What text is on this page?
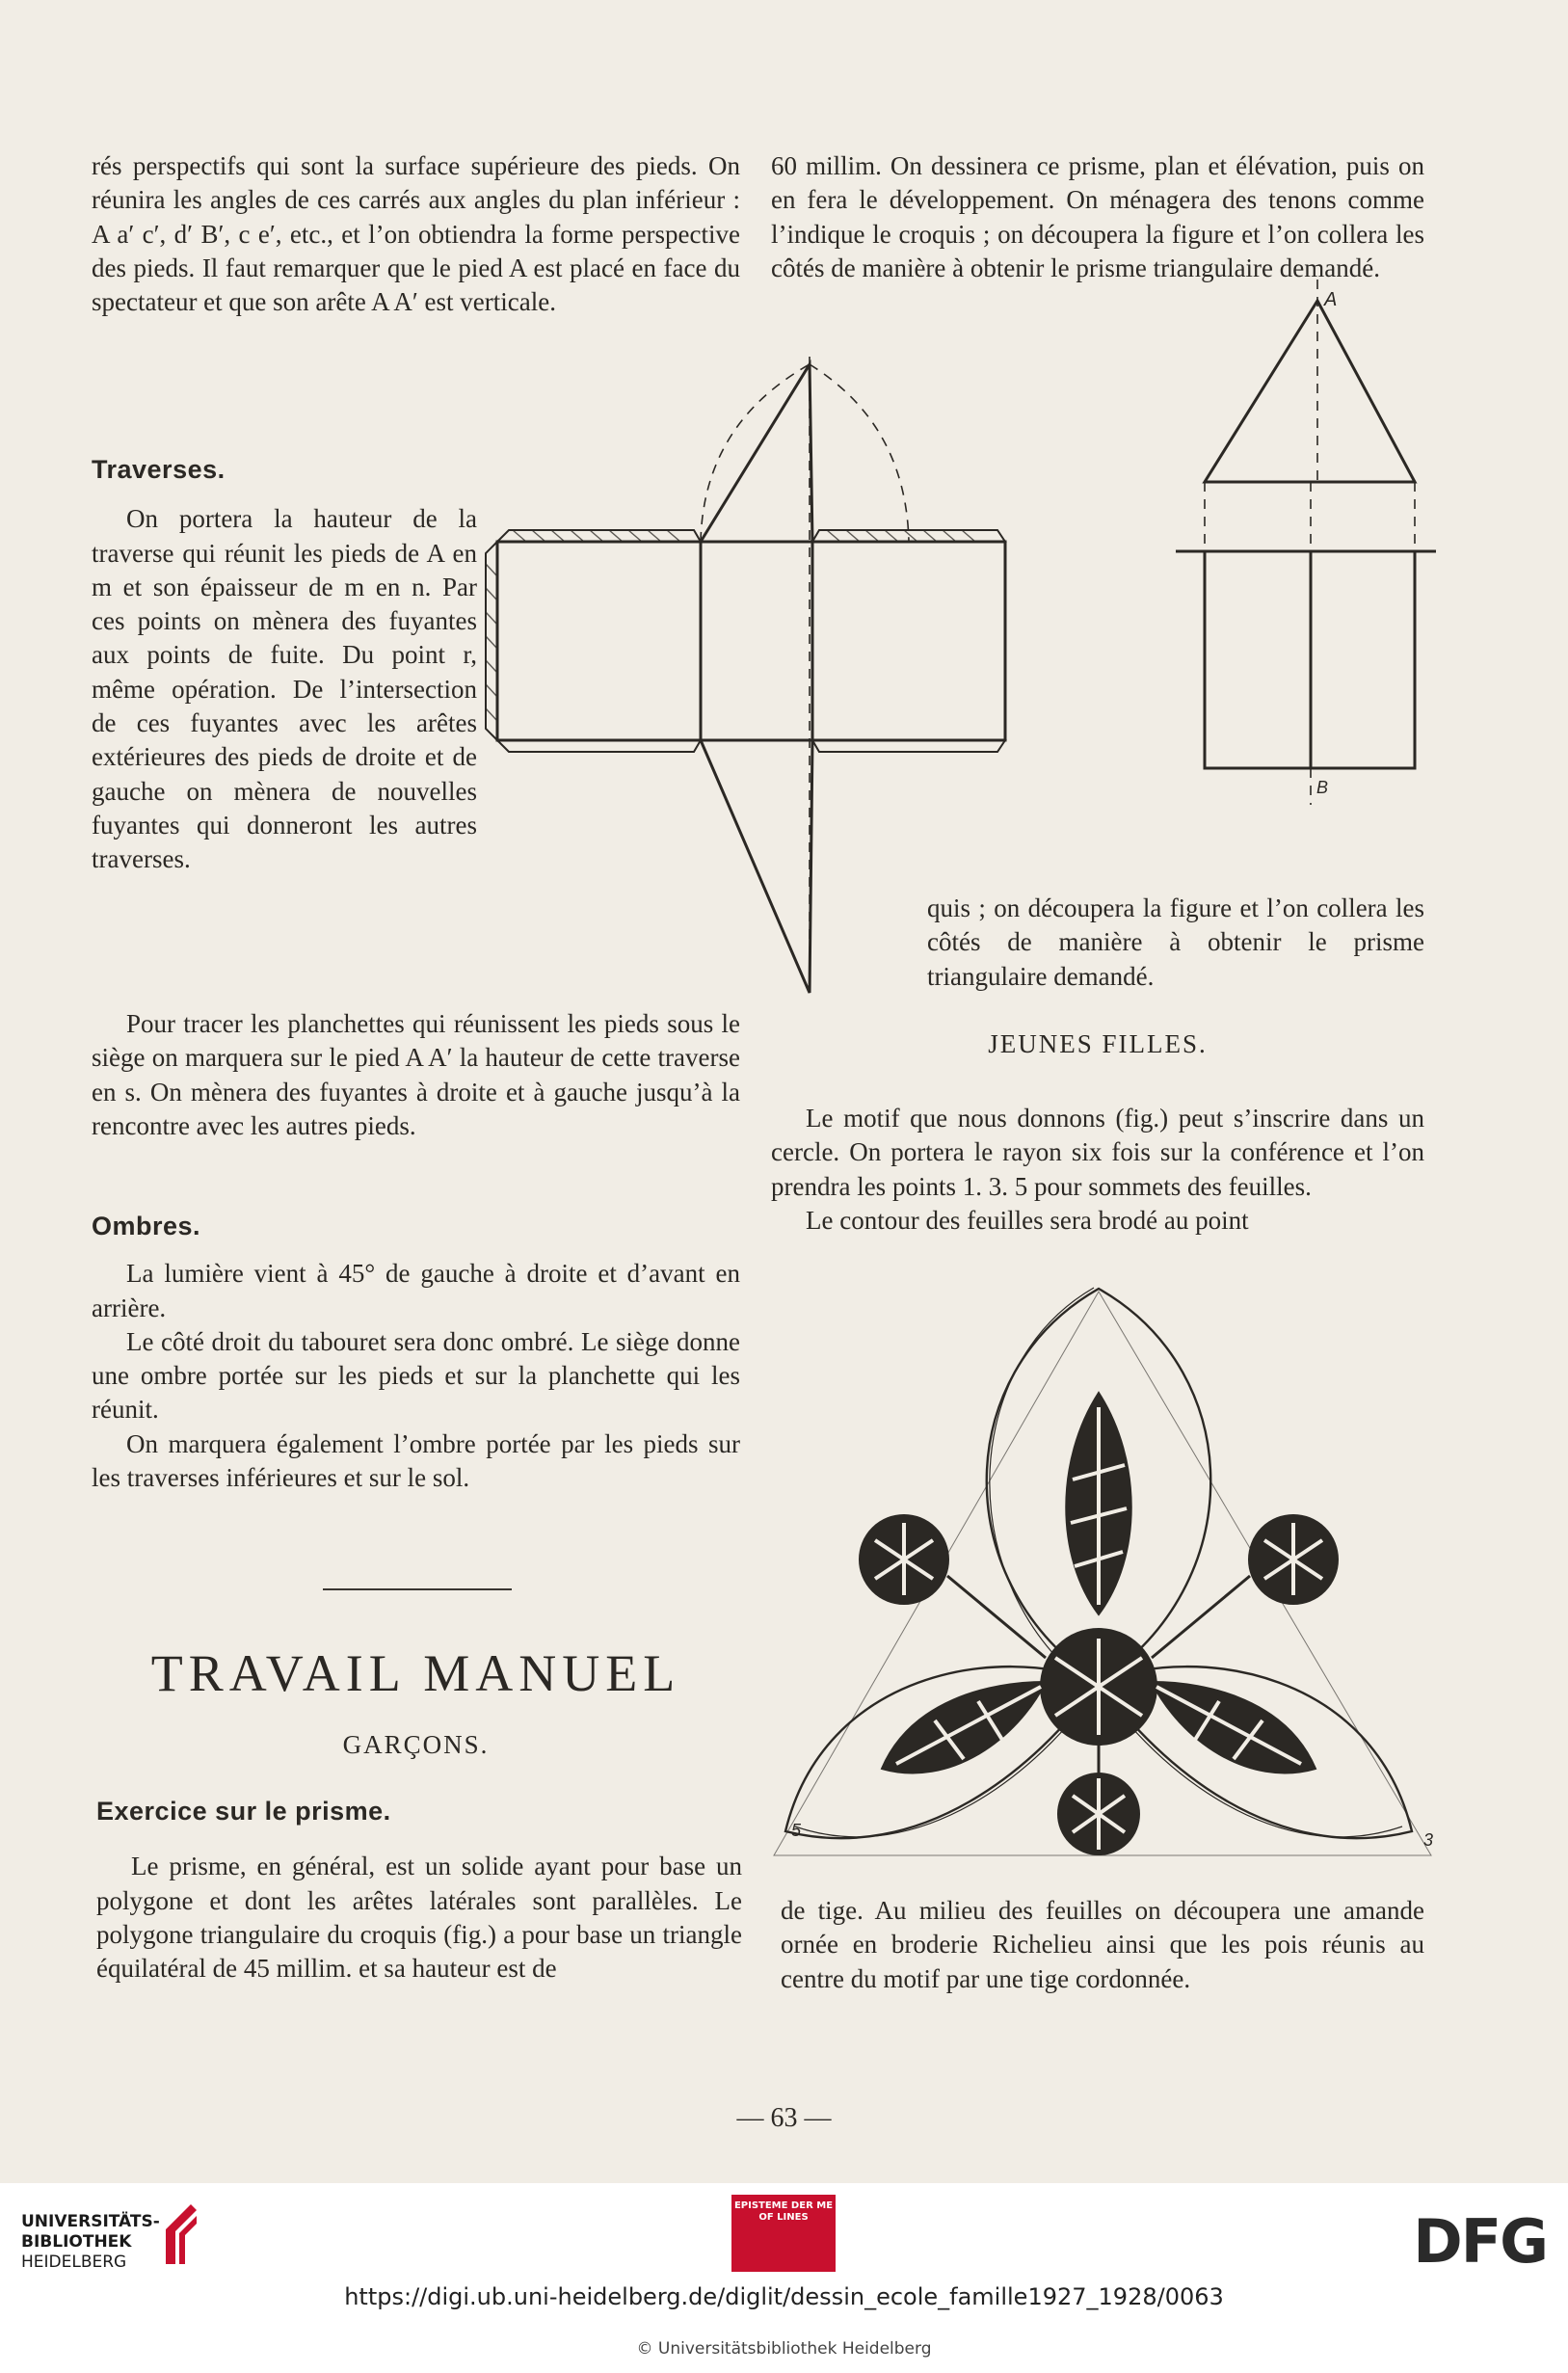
rés perspectifs qui sont la surface supérieure des pieds. On réunira les angles de ces carrés aux angles du plan inférieur : A a′ c′, d′ B′, c e′, etc., et l’on obtiendra la forme perspective des pieds. Il faut remarquer que le pied A est placé en face du spectateur et que son arête A A′ est verticale.

Traverses.

On portera la hauteur de la traverse qui réunit les pieds de A en m et son épaisseur de m en n. Par ces points on mènera des fuyantes aux points de fuite. Du point r, même opération. De l’intersection de ces fuyantes avec les arêtes extérieures des pieds de droite et de gauche on mènera de nouvelles fuyantes qui donneront les autres traverses.

Pour tracer les planchettes qui réunissent les pieds sous le siège on marquera sur le pied A A′ la hauteur de cette traverse en s. On mènera des fuyantes à droite et à gauche jusqu’à la rencontre avec les autres pieds.

Ombres.

La lumière vient à 45° de gauche à droite et d’avant en arrière.

Le côté droit du tabouret sera donc ombré. Le siège donne une ombre portée sur les pieds et sur la planchette qui les réunit.

On marquera également l’ombre portée par les pieds sur les traverses inférieures et sur le sol.

TRAVAIL MANUEL
GARÇONS.

Exercice sur le prisme.

Le prisme, en général, est un solide ayant pour base un polygone et dont les arêtes latérales sont parallèles. Le polygone triangulaire du croquis (fig.) a pour base un triangle équilatéral de 45 millim. et sa hauteur est de

60 millim. On dessinera ce prisme, plan et élévation, puis on en fera le développement. On ménagera des tenons comme l’indique le croquis ; on découpera la figure et l’on collera les côtés de manière à obtenir le prisme triangulaire demandé.

A
B

quis ; on découpera la figure et l’on collera les côtés de manière à obtenir le prisme triangulaire demandé.

JEUNES FILLES.

Le motif que nous donnons (fig.) peut s’inscrire dans un cercle. On portera le rayon six fois sur la conférence et l’on prendra les points 1. 3. 5 pour sommets des feuilles.

Le contour des feuilles sera brodé au point

5	3
1

de tige. Au milieu des feuilles on découpera une amande ornée en broderie Richelieu ainsi que les pois réunis au centre du motif par une tige cordonnée.

— 63 —
UNIVERSITÄTS-
BIBLIOTHEK
HEIDELBERG
EPISTEME DER ME OF LINES	DFG
https://digi.ub.uni-heidelberg.de/diglit/dessin_ecole_famille1927_1928/0063
© Universitätsbibliothek Heidelberg
